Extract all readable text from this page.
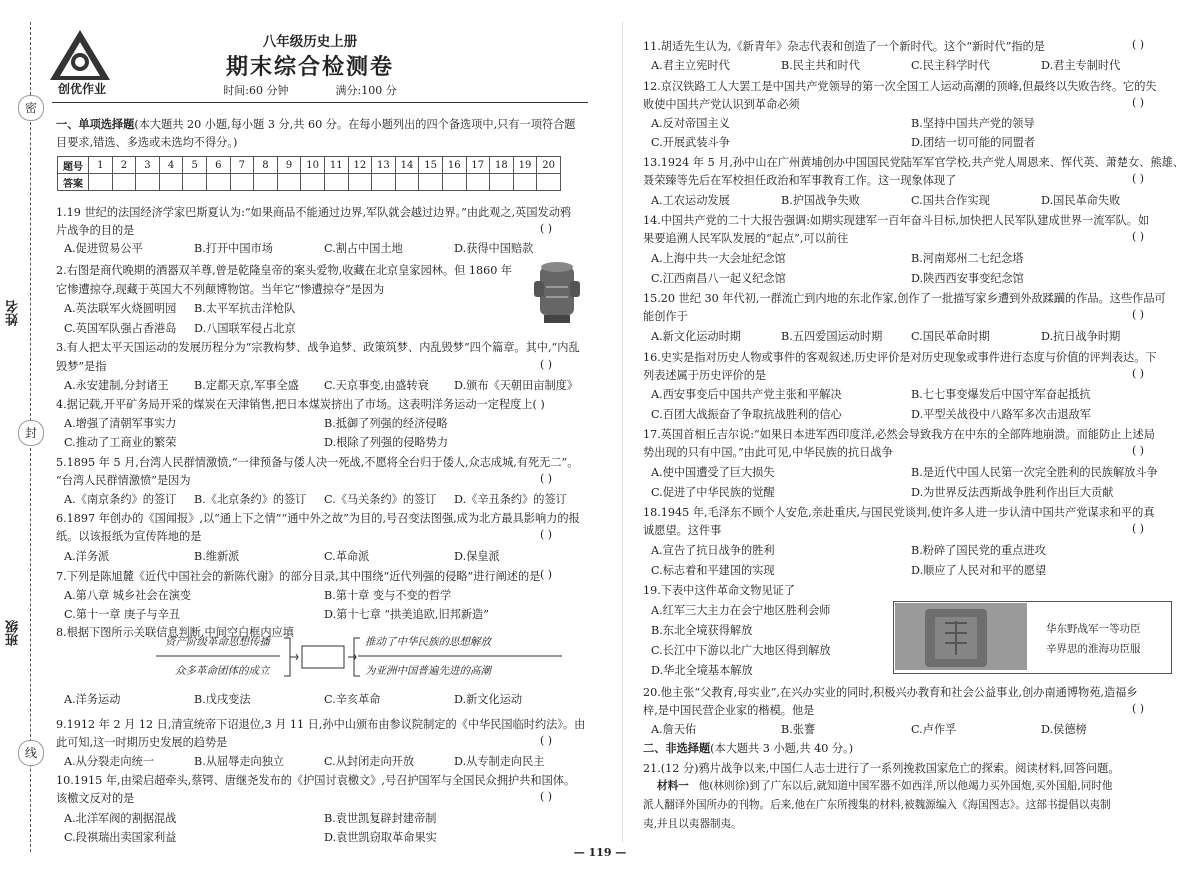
密
封
线
姓名
班级
创优作业
八年级历史上册
期末综合检测卷
时间:60 分钟	满分:100 分
一、单项选择题(本大题共 20 小题,每小题 3 分,共 60 分。在每小题列出的四个备选项中,只有一项符合题
目要求,错选、多选或未选均不得分。)
题号	1	2	3	4	5	6	7	8	9	10	11	12	13	14	15	16	17	18	19	20
答案																				
1.19 世纪的法国经济学家巴斯夏认为:“如果商品不能通过边界,军队就会越过边界。”由此观之,英国发动鸦
片战争的目的是	( )
2.右图是商代晚期的酒器双羊尊,曾是乾隆皇帝的案头爱物,收藏在北京皇家园林。但 1860 年
它惨遭掠夺,现藏于英国大不列颠博物馆。当年它“惨遭掠夺”是因为
3.有人把太平天国运动的发展历程分为“宗教构梦、战争追梦、政策筑梦、内乱毁梦”四个篇章。其中,“内乱
毁梦”是指	( )
4.据记载,开平矿务局开采的煤炭在天津销售,把日本煤炭挤出了市场。这表明洋务运动一定程度上( )
5.1895 年 5 月,台湾人民群情激愤,“一律预备与倭人决一死战,不愿将全台归于倭人,众志成城,有死无二”。
“台湾人民群情激愤”是因为	( )
6.1897 年创办的《国闻报》,以“通上下之情”“通中外之故”为目的,号召变法图强,成为北方最具影响力的报
纸。以该报纸为宣传阵地的是	( )
7.下列是陈旭麓《近代中国社会的新陈代谢》的部分目录,其中围绕“近代列强的侵略”进行阐述的是 ( )
8.根据下图所示关联信息判断,中间空白框内应填
9.1912 年 2 月 12 日,清宣统帝下诏退位,3 月 11 日,孙中山颁布由参议院制定的《中华民国临时约法》。由
此可知,这一时期历史发展的趋势是	( )
10.1915 年,由梁启超牵头,蔡锷、唐继尧发布的《护国讨袁檄文》,号召护国军与全国民众拥护共和国体。
该檄文反对的是	( )
A.促进贸易公平	B.打开中国市场	C.割占中国土地	D.获得中国赔款
A.英法联军火烧圆明园 B.太平军抗击洋枪队
C.英国军队强占香港岛 D.八国联军侵占北京
A.永安建制,分封诸王 B.定都天京,军事全盛 C.天京事变,由盛转衰 D.颁布《天朝田亩制度》
A.增强了清朝军事实力	B.抵御了列强的经济侵略
C.推动了工商业的繁荣	D.根除了列强的侵略势力
A.《南京条约》的签订 B.《北京条约》的签订 C.《马关条约》的签订 D.《辛丑条约》的签订
A.洋务派	B.维新派	C.革命派	D.保皇派
A.第八章 城乡社会在演变	B.第十章 变与不变的哲学
C.第十一章 庚子与辛丑	D.第十七章 “拱美追欧,旧邦新造”
A.洋务运动	B.戊戌变法	C.辛亥革命	D.新文化运动
A.从分裂走向统一	B.从屈辱走向独立	C.从封闭走向开放	D.从专制走向民主
A.北洋军阀的割据混战	B.袁世凯复辟封建帝制
C.段祺瑞出卖国家利益	D.袁世凯窃取革命果实
资产阶级革命思想传播
众多革命团体的成立
推动了中华民族的思想解放
为亚洲中国普遍先进的高潮
11.胡适先生认为,《新青年》杂志代表和创造了一个新时代。这个“新时代”指的是	( )
12.京汉铁路工人大罢工是中国共产党领导的第一次全国工人运动高潮的顶峰,但最终以失败告终。它的失
败使中国共产党认识到革命必须	( )
13.1924 年 5 月,孙中山在广州黄埔创办中国国民党陆军军官学校,共产党人周恩来、恽代英、萧楚女、熊雄、
聂荣臻等先后在军校担任政治和军事教育工作。这一现象体现了	( )
14.中国共产党的二十大报告强调:如期实现建军一百年奋斗目标,加快把人民军队建成世界一流军队。如
果要追溯人民军队发展的“起点”,可以前往	( )
15.20 世纪 30 年代初,一群流亡到内地的东北作家,创作了一批描写家乡遭到外敌蹂躏的作品。这些作品可
能创作于	( )
16.史实是指对历史人物或事件的客观叙述,历史评价是对历史现象或事件进行态度与价值的评判表达。下
列表述属于历史评价的是	( )
17.英国首相丘吉尔说:“如果日本进军西印度洋,必然会导致我方在中东的全部阵地崩溃。而能防止上述局
势出现的只有中国。”由此可见,中华民族的抗日战争	( )
18.1945 年,毛泽东不顾个人安危,亲赴重庆,与国民党谈判,使许多人进一步认清中国共产党谋求和平的真
诚愿望。这件事	( )
19.下表中这件革命文物见证了
20.他主张“父教育,母实业”,在兴办实业的同时,积极兴办教育和社会公益事业,创办南通博物苑,造福乡
梓,是中国民营企业家的楷模。他是	( )
21.(12 分)鸦片战争以来,中国仁人志士进行了一系列挽救国家危亡的探索。阅读材料,回答问题。
A.君主立宪时代	B.民主共和时代	C.民主科学时代	D.君主专制时代
A.反对帝国主义	B.坚持中国共产党的领导
C.开展武装斗争	D.团结一切可能的同盟者
A.工农运动发展	B.护国战争失败	C.国共合作实现	D.国民革命失败
A.上海中共一大会址纪念馆	B.河南郑州二七纪念塔
C.江西南昌八一起义纪念馆	D.陕西西安事变纪念馆
A.新文化运动时期	B.五四爱国运动时期	C.国民革命时期	D.抗日战争时期
A.西安事变后中国共产党主张和平解决	B.七七事变爆发后中国守军奋起抵抗
C.百团大战振奋了争取抗战胜利的信心	D.平型关战役中八路军多次击退敌军
A.使中国遭受了巨大损失	B.是近代中国人民第一次完全胜利的民族解放斗争
C.促进了中华民族的觉醒	D.为世界反法西斯战争胜利作出巨大贡献
A.宣告了抗日战争的胜利	B.粉碎了国民党的重点进攻
C.标志着和平建国的实现	D.顺应了人民对和平的愿望
A.红军三大主力在会宁地区胜利会师
B.东北全境获得解放
C.长江中下游以北广大地区得到解放
D.华北全境基本解放
A.詹天佑	B.张謇	C.卢作孚	D.侯德榜
华东野战军一等功臣
辛界思的淮海功臣服
二、非选择题(本大题共 3 小题,共 40 分。)
材料一 他(林则徐)到了广东以后,就知道中国军器不如西洋,所以他竭力买外国炮,买外国船,同时他
派人翻译外国所办的刊物。后来,他在广东所搜集的材料,被魏源编入《海国图志》。这部书提倡以夷制
夷,并且以夷器制夷。
— 119 —
